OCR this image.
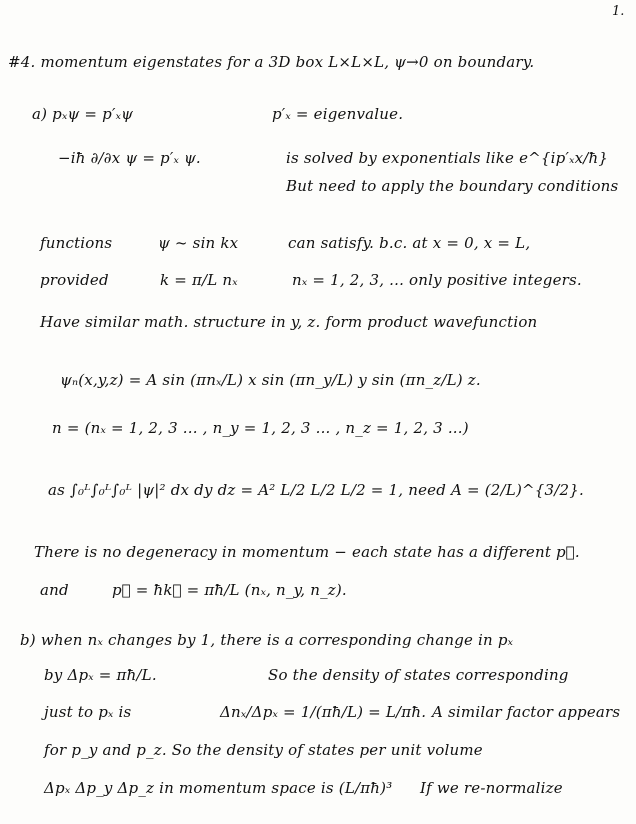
1.
#4. momentum eigenstates for a 3D box L×L×L, ψ→0 on boundary.
a) pₓψ = p′ₓψ	p′ₓ = eigenvalue.
−iħ ∂/∂x ψ = p′ₓ ψ.	is solved by exponentials like e^{ip′ₓx/ħ}
But need to apply the boundary conditions
functions	ψ ~ sin kx	can satisfy. b.c. at x = 0, x = L,
provided	k = π/L nₓ	nₓ = 1, 2, 3, ... only positive integers.
Have similar math. structure in y, z. form product wavefunction
ψₙ(x,y,z) = A sin (πnₓ/L) x sin (πn_y/L) y sin (πn_z/L) z.
n = (nₓ = 1, 2, 3 ... , n_y = 1, 2, 3 ... , n_z = 1, 2, 3 ...)
as ∫₀ᴸ∫₀ᴸ∫₀ᴸ |ψ|² dx dy dz = A² L/2 L/2 L/2 = 1, need A = (2/L)^{3/2}.
There is no degeneracy in momentum − each state has a different p⃗.
and	p⃗ = ħk⃗ = πħ/L (nₓ, n_y, n_z).
b) when nₓ changes by 1, there is a corresponding change in pₓ
by Δpₓ = πħ/L.	So the density of states corresponding
just to pₓ is	Δnₓ/Δpₓ = 1/(πħ/L) = L/πħ. A similar factor appears
for p_y and p_z. So the density of states per unit volume
Δpₓ Δp_y Δp_z in momentum space is (L/πħ)³ If we re-normalize
